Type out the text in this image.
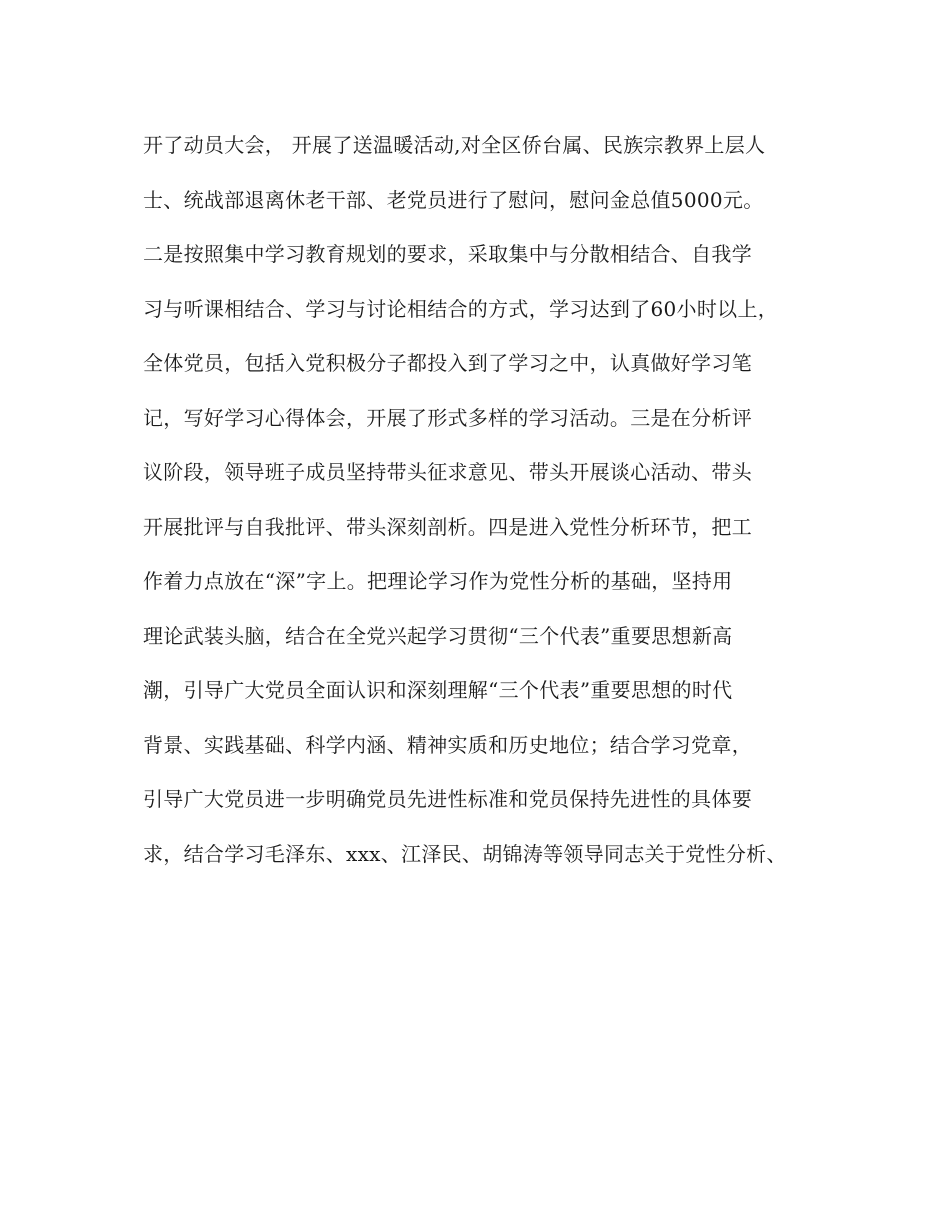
开了动员大会， 开展了送温暖活动,对全区侨台属、民族宗教界上层人
士、统战部退离休老干部、老党员进行了慰问，慰问金总值5000元。
二是按照集中学习教育规划的要求，采取集中与分散相结合、自我学
习与听课相结合、学习与讨论相结合的方式，学习达到了60小时以上，
全体党员，包括入党积极分子都投入到了学习之中，认真做好学习笔
记，写好学习心得体会，开展了形式多样的学习活动。三是在分析评
议阶段，领导班子成员坚持带头征求意见、带头开展谈心活动、带头
开展批评与自我批评、带头深刻剖析。四是进入党性分析环节，把工
作着力点放在“深”字上。把理论学习作为党性分析的基础，坚持用
理论武装头脑，结合在全党兴起学习贯彻“三个代表”重要思想新高
潮，引导广大党员全面认识和深刻理解“三个代表”重要思想的时代
背景、实践基础、科学内涵、精神实质和历史地位；结合学习党章，
引导广大党员进一步明确党员先进性标准和党员保持先进性的具体要
求，结合学习毛泽东、xxx、江泽民、胡锦涛等领导同志关于党性分析、
